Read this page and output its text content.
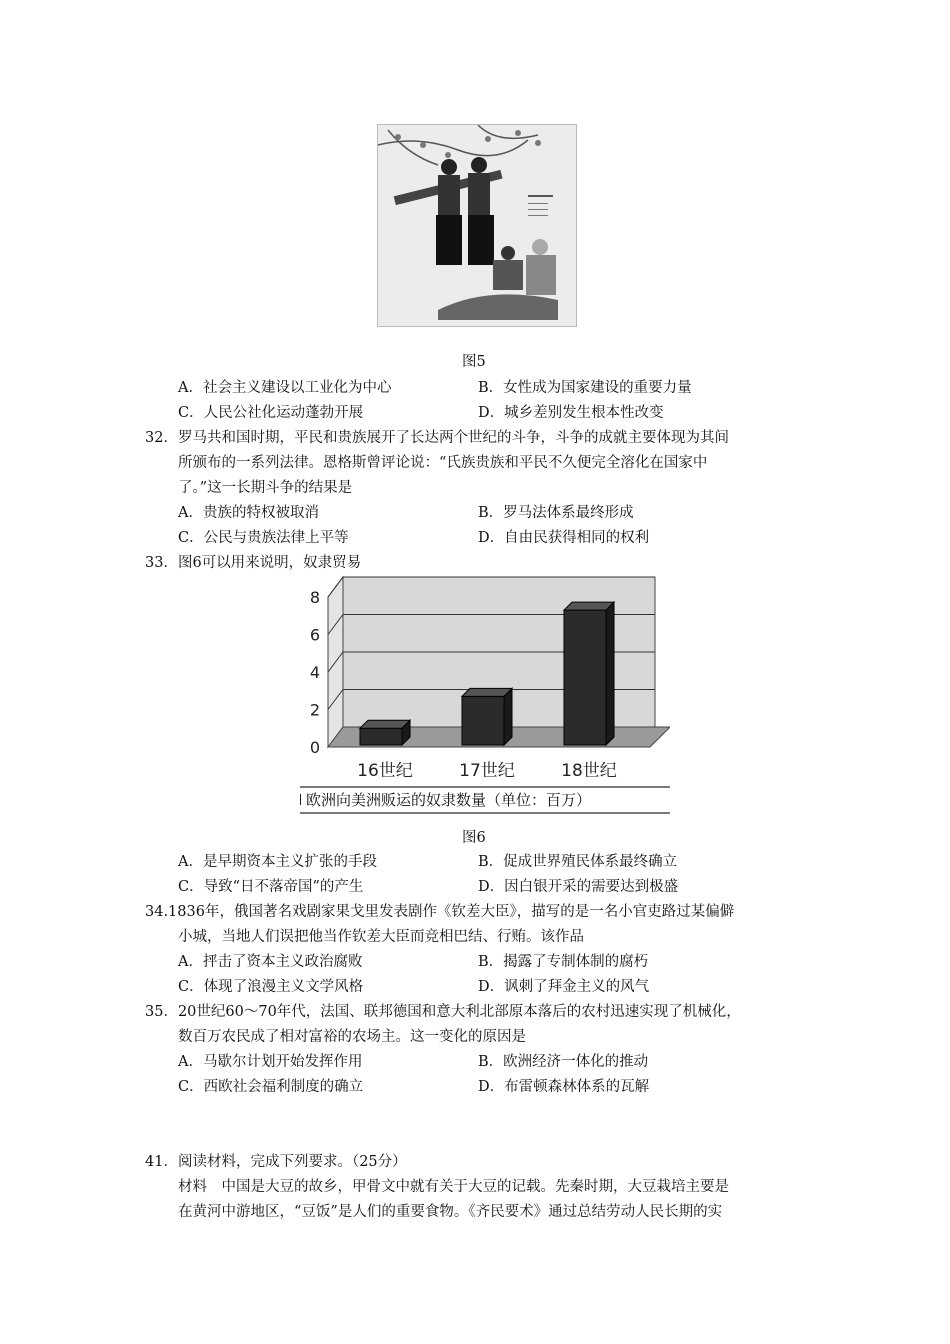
图5
A．社会主义建设以工业化为中心	B．女性成为国家建设的重要力量
C．人民公社化运动蓬勃开展	D．城乡差别发生根本性改变
32．罗马共和国时期，平民和贵族展开了长达两个世纪的斗争，斗争的成就主要体现为其间
所颁布的一系列法律。恩格斯曾评论说：“氏族贵族和平民不久便完全溶化在国家中
了。”这一长期斗争的结果是
A．贵族的特权被取消	B．罗马法体系最终形成
C．公民与贵族法律上平等	D．自由民获得相同的权利
33．图6可以用来说明，奴隶贸易
0
2
4
6
8
16世纪	17世纪	18世纪
欧洲向美洲贩运的奴隶数量（单位：百万）
图6
A．是早期资本主义扩张的手段	B．促成世界殖民体系最终确立
C．导致“日不落帝国”的产生	D．因白银开采的需要达到极盛
34.1836年，俄国著名戏剧家果戈里发表剧作《钦差大臣》，描写的是一名小官吏路过某偏僻
小城，当地人们误把他当作钦差大臣而竞相巴结、行贿。该作品
A．抨击了资本主义政治腐败	B．揭露了专制体制的腐朽
C．体现了浪漫主义文学风格	D．讽刺了拜金主义的风气
35．20世纪60～70年代，法国、联邦德国和意大利北部原本落后的农村迅速实现了机械化，
数百万农民成了相对富裕的农场主。这一变化的原因是
A．马歇尔计划开始发挥作用	B．欧洲经济一体化的推动
C．西欧社会福利制度的确立	D．布雷顿森林体系的瓦解
41．阅读材料，完成下列要求。（25分）
材料　中国是大豆的故乡，甲骨文中就有关于大豆的记载。先秦时期，大豆栽培主要是
在黄河中游地区，“豆饭”是人们的重要食物。《齐民要术》通过总结劳动人民长期的实
